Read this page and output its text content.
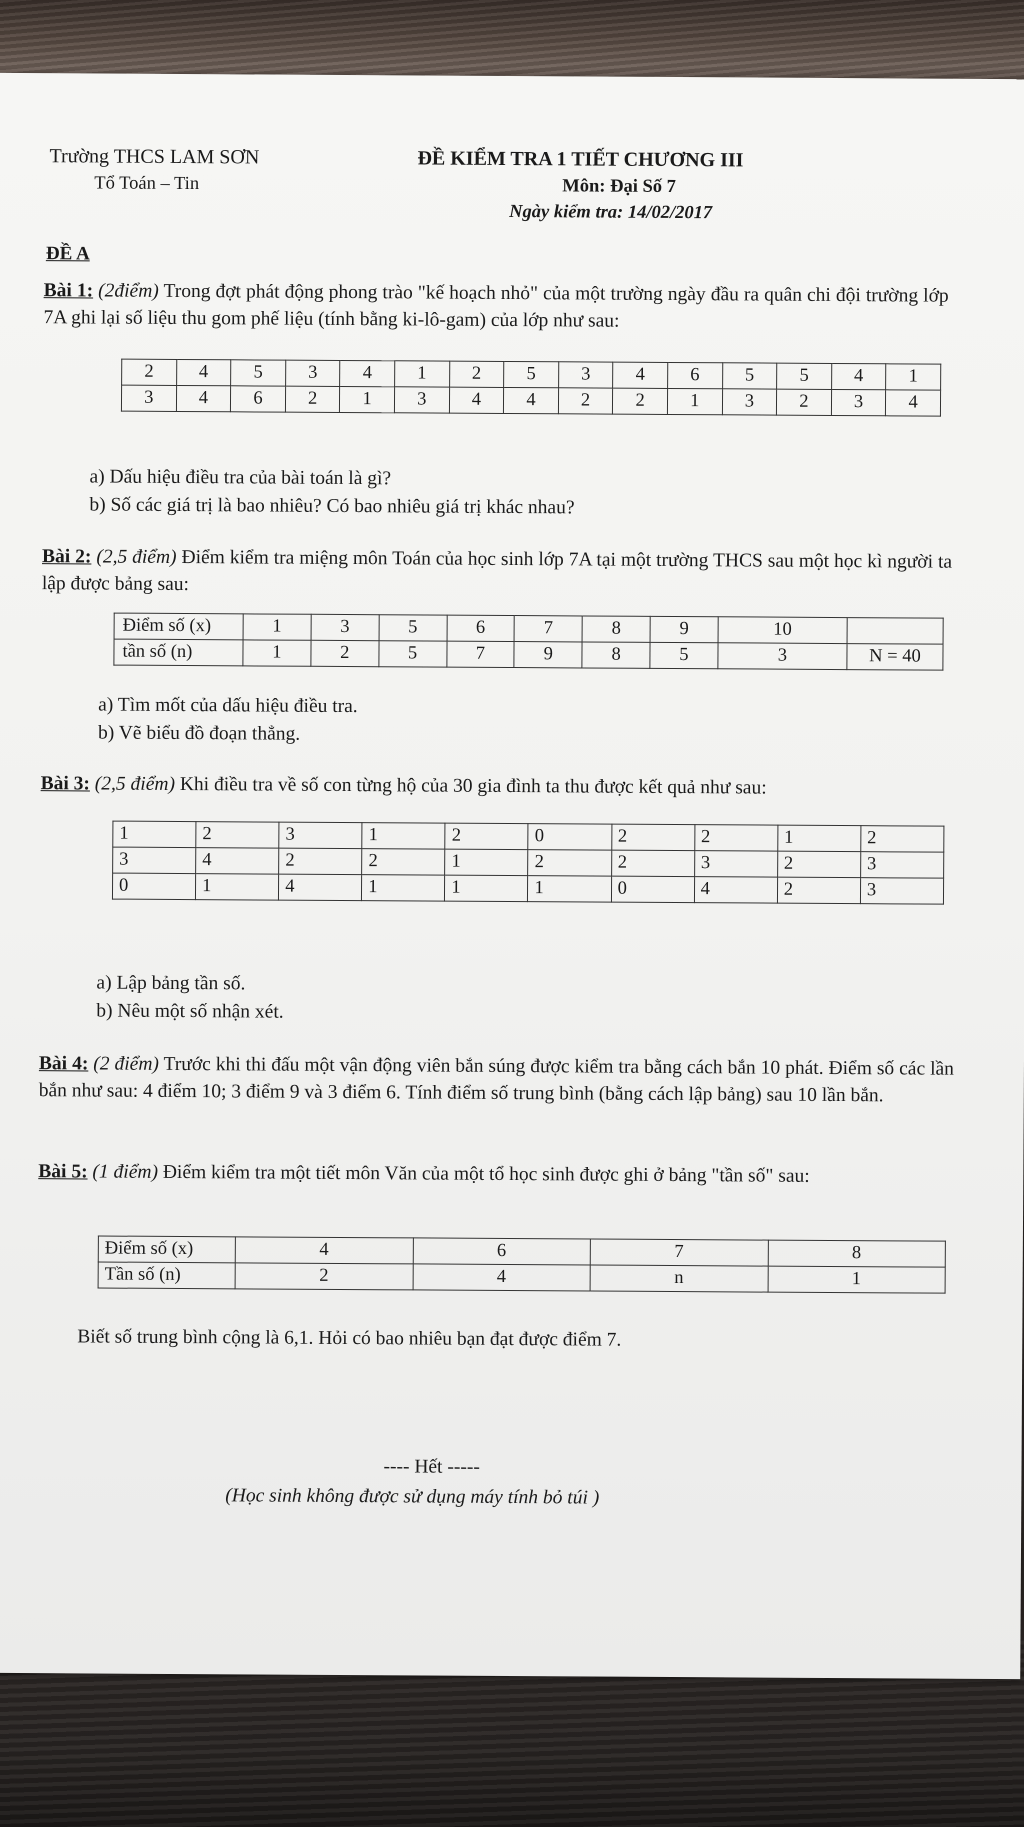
Trường THCS LAM SƠN
Tổ Toán – Tin
ĐỀ KIỂM TRA 1 TIẾT CHƯƠNG III
Môn: Đại Số 7
Ngày kiểm tra: 14/02/2017
ĐỀ A
Bài 1: (2điểm) Trong đợt phát động phong trào "kế hoạch nhỏ" của một trường ngày đầu ra quân chi đội trường lớp 7A ghi lại số liệu thu gom phế liệu (tính bằng ki-lô-gam) của lớp như sau:
2	4	5	3	4	1	2	5	3	4	6	5	5	4	1
3	4	6	2	1	3	4	4	2	2	1	3	2	3	4
a) Dấu hiệu điều tra của bài toán là gì?
b) Số các giá trị là bao nhiêu? Có bao nhiêu giá trị khác nhau?
Bài 2: (2,5 điểm) Điểm kiểm tra miệng môn Toán của học sinh lớp 7A tại một trường THCS sau một học kì người ta lập được bảng sau:
Điểm số (x)	1	3	5	6	7	8	9	10	
tần số (n)	1	2	5	7	9	8	5	3	N = 40
a) Tìm mốt của dấu hiệu điều tra.
b) Vẽ biểu đồ đoạn thẳng.
Bài 3: (2,5 điểm) Khi điều tra về số con từng hộ của 30 gia đình ta thu được kết quả như sau:
1	2	3	1	2	0	2	2	1	2
3	4	2	2	1	2	2	3	2	3
0	1	4	1	1	1	0	4	2	3
a) Lập bảng tần số.
b) Nêu một số nhận xét.
Bài 4: (2 điểm) Trước khi thi đấu một vận động viên bắn súng được kiểm tra bằng cách bắn 10 phát. Điểm số các lần bắn như sau: 4 điểm 10; 3 điểm 9 và 3 điểm 6. Tính điểm số trung bình (bằng cách lập bảng) sau 10 lần bắn.
Bài 5: (1 điểm) Điểm kiểm tra một tiết môn Văn của một tổ học sinh được ghi ở bảng "tần số" sau:
Điểm số (x)	4	6	7	8
Tần số (n)	2	4	n	1
Biết số trung bình cộng là 6,1. Hỏi có bao nhiêu bạn đạt được điểm 7.
---- Hết -----
(Học sinh không được sử dụng máy tính bỏ túi )
